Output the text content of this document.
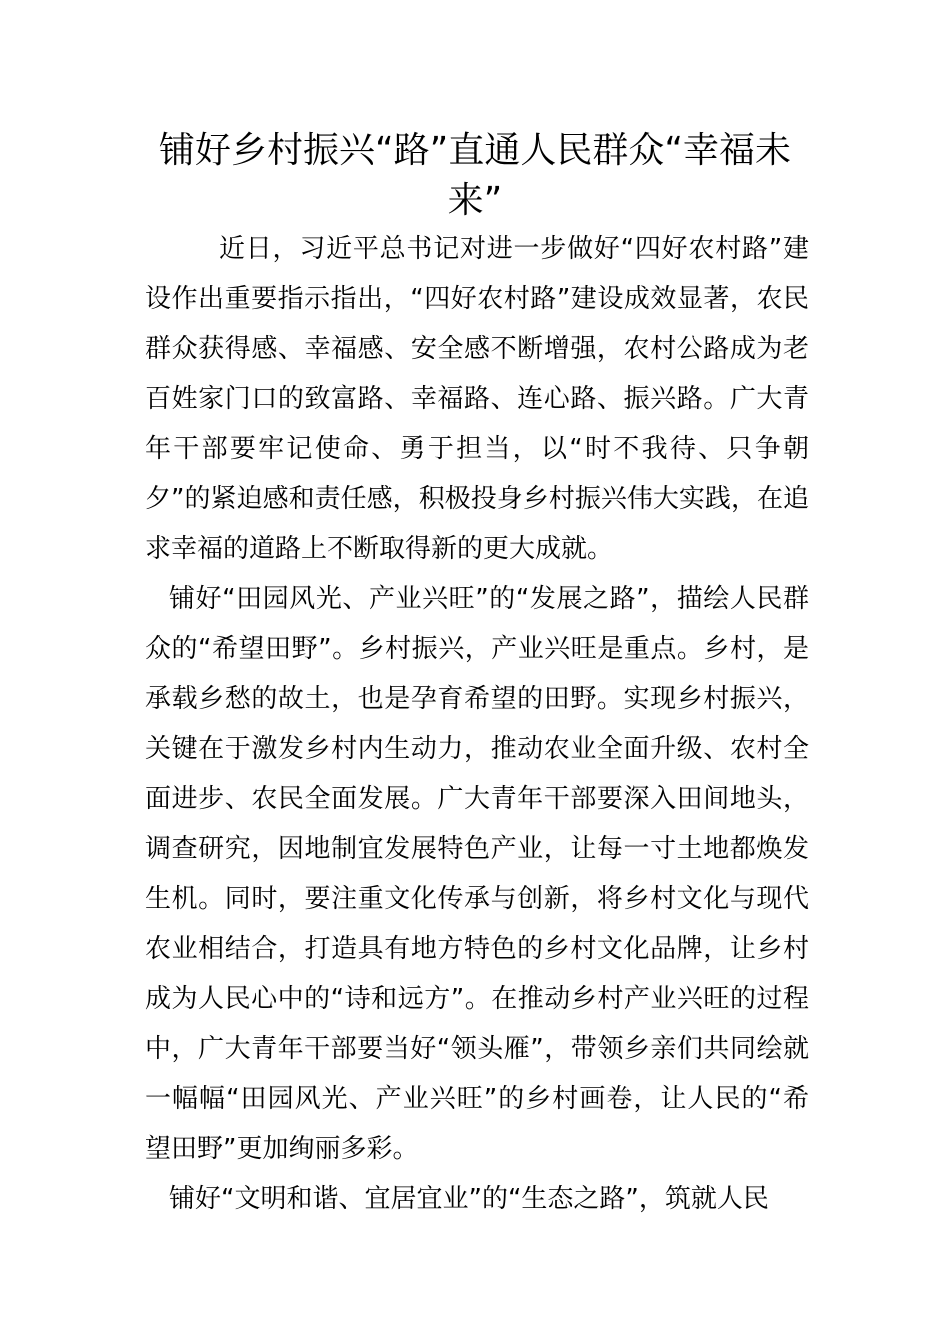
铺好乡村振兴“路”直通人民群众“幸福未来”

近日，习近平总书记对进一步做好“四好农村路”建设作出重要指示指出，“四好农村路”建设成效显著，农民群众获得感、幸福感、安全感不断增强，农村公路成为老百姓家门口的致富路、幸福路、连心路、振兴路。广大青年干部要牢记使命、勇于担当，以“时不我待、只争朝夕”的紧迫感和责任感，积极投身乡村振兴伟大实践，在追求幸福的道路上不断取得新的更大成就。

铺好“田园风光、产业兴旺”的“发展之路”，描绘人民群众的“希望田野”。乡村振兴，产业兴旺是重点。乡村，是承载乡愁的故土，也是孕育希望的田野。实现乡村振兴，关键在于激发乡村内生动力，推动农业全面升级、农村全面进步、农民全面发展。广大青年干部要深入田间地头，调查研究，因地制宜发展特色产业，让每一寸土地都焕发生机。同时，要注重文化传承与创新，将乡村文化与现代农业相结合，打造具有地方特色的乡村文化品牌，让乡村成为人民心中的“诗和远方”。在推动乡村产业兴旺的过程中，广大青年干部要当好“领头雁”，带领乡亲们共同绘就一幅幅“田园风光、产业兴旺”的乡村画卷，让人民的“希望田野”更加绚丽多彩。

铺好“文明和谐、宜居宜业”的“生态之路”，筑就人民
